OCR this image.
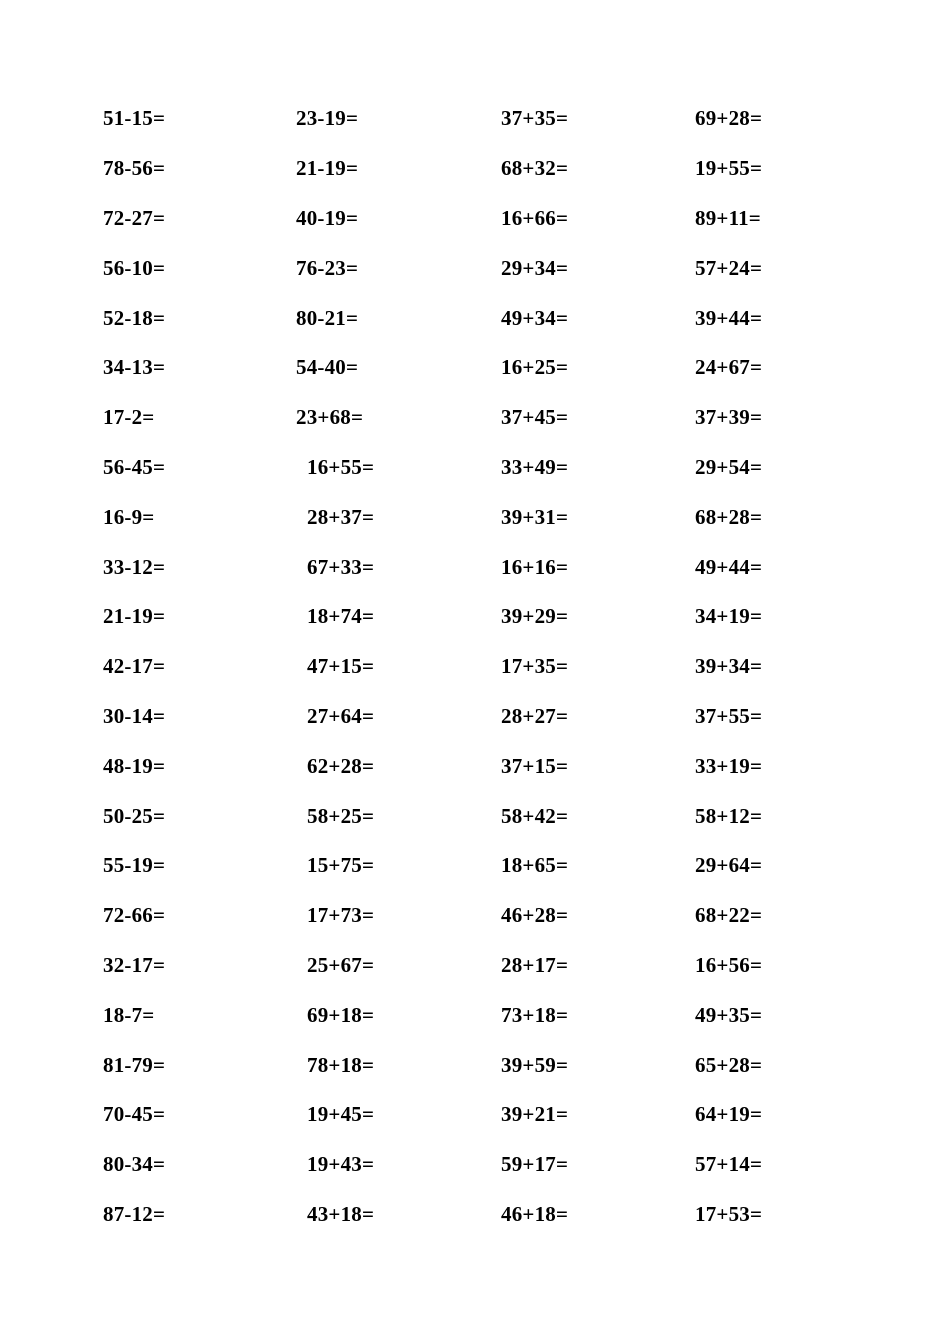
51-15=	23-19=	37+35=	69+28=
78-56=	21-19=	68+32=	19+55=
72-27=	40-19=	16+66=	89+11=
56-10=	76-23=	29+34=	57+24=
52-18=	80-21=	49+34=	39+44=
34-13=	54-40=	16+25=	24+67=
17-2=	23+68=	37+45=	37+39=
56-45=	16+55=	33+49=	29+54=
16-9=	28+37=	39+31=	68+28=
33-12=	67+33=	16+16=	49+44=
21-19=	18+74=	39+29=	34+19=
42-17=	47+15=	17+35=	39+34=
30-14=	27+64=	28+27=	37+55=
48-19=	62+28=	37+15=	33+19=
50-25=	58+25=	58+42=	58+12=
55-19=	15+75=	18+65=	29+64=
72-66=	17+73=	46+28=	68+22=
32-17=	25+67=	28+17=	16+56=
18-7=	69+18=	73+18=	49+35=
81-79=	78+18=	39+59=	65+28=
70-45=	19+45=	39+21=	64+19=
80-34=	19+43=	59+17=	57+14=
87-12=	43+18=	46+18=	17+53=
